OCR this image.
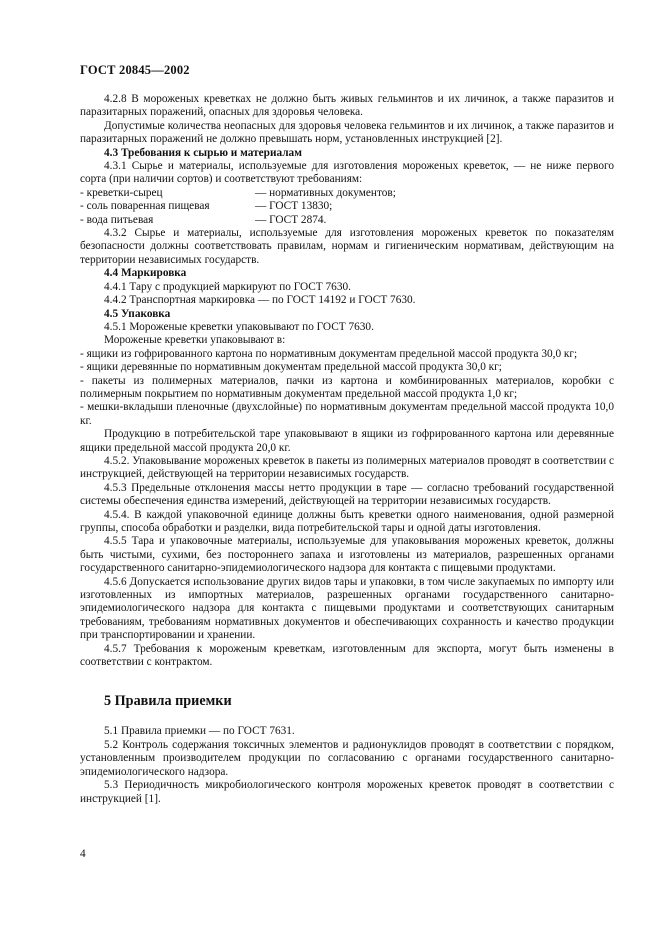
ГОСТ 20845—2002

4.2.8 В мороженых креветках не должно быть живых гельминтов и их личинок, а также паразитов и паразитарных поражений, опасных для здоровья человека.

Допустимые количества неопасных для здоровья человека гельминтов и их личинок, а также паразитов и паразитарных поражений не должно превышать норм, установленных инструкцией [2].

4.3 Требования к сырью и материалам

4.3.1 Сырье и материалы, используемые для изготовления мороженых креветок, — не ниже первого сорта (при наличии сортов) и соответствуют требованиям:

- креветки-сырец	— нормативных документов;
- соль поваренная пищевая	— ГОСТ 13830;
- вода питьевая	— ГОСТ 2874.

4.3.2 Сырье и материалы, используемые для изготовления мороженых креветок по показателям безопасности должны соответствовать правилам, нормам и гигиеническим нормативам, действующим на территории независимых государств.

4.4 Маркировка

4.4.1 Тару с продукцией маркируют по ГОСТ 7630.

4.4.2 Транспортная маркировка — по ГОСТ 14192 и ГОСТ 7630.

4.5 Упаковка

4.5.1 Мороженые креветки упаковывают по ГОСТ 7630.

Мороженые креветки упаковывают в:

- ящики из гофрированного картона по нормативным документам предельной массой продукта 30,0 кг;

- ящики деревянные по нормативным документам предельной массой продукта 30,0 кг;

- пакеты из полимерных материалов, пачки из картона и комбинированных материалов, коробки с полимерным покрытием по нормативным документам предельной массой продукта 1,0 кг;

- мешки-вкладыши пленочные (двухслойные) по нормативным документам предельной массой продукта 10,0 кг.

Продукцию в потребительской таре упаковывают в ящики из гофрированного картона или деревянные ящики предельной массой продукта 20,0 кг.

4.5.2. Упаковывание мороженых креветок в пакеты из полимерных материалов проводят в соответствии с инструкцией, действующей на территории независимых государств.

4.5.3 Предельные отклонения массы нетто продукции в таре — согласно требований государственной системы обеспечения единства измерений, действующей на территории независимых государств.

4.5.4. В каждой упаковочной единице должны быть креветки одного наименования, одной размерной группы, способа обработки и разделки, вида потребительской тары и одной даты изготовления.

4.5.5 Тара и упаковочные материалы, используемые для упаковывания мороженых креветок, должны быть чистыми, сухими, без постороннего запаха и изготовлены из материалов, разрешенных органами государственного санитарно-эпидемиологического надзора для контакта с пищевыми продуктами.

4.5.6 Допускается использование других видов тары и упаковки, в том числе закупаемых по импорту или изготовленных из импортных материалов, разрешенных органами государственного санитарно-эпидемиологического надзора для контакта с пищевыми продуктами и соответствующих санитарным требованиям, требованиям нормативных документов и обеспечивающих сохранность и качество продукции при транспортировании и хранении.

4.5.7 Требования к мороженым креветкам, изготовленным для экспорта, могут быть изменены в соответствии с контрактом.

5 Правила приемки

5.1 Правила приемки — по ГОСТ 7631.

5.2 Контроль содержания токсичных элементов и радионуклидов проводят в соответствии с порядком, установленным производителем продукции по согласованию с органами государственного санитарно-эпидемиологического надзора.

5.3 Периодичность микробиологического контроля мороженых креветок проводят в соответствии с инструкцией [1].

4
